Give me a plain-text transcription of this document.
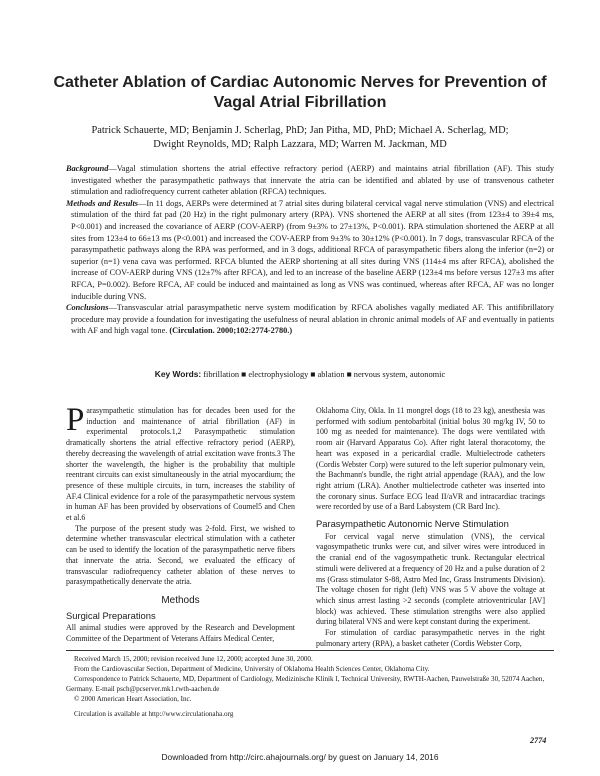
Catheter Ablation of Cardiac Autonomic Nerves for Prevention of Vagal Atrial Fibrillation
Patrick Schauerte, MD; Benjamin J. Scherlag, PhD; Jan Pitha, MD, PhD; Michael A. Scherlag, MD;
Dwight Reynolds, MD; Ralph Lazzara, MD; Warren M. Jackman, MD

Background—Vagal stimulation shortens the atrial effective refractory period (AERP) and maintains atrial fibrillation (AF). This study investigated whether the parasympathetic pathways that innervate the atria can be identified and ablated by use of transvenous catheter stimulation and radiofrequency current catheter ablation (RFCA) techniques.

Methods and Results—In 11 dogs, AERPs were determined at 7 atrial sites during bilateral cervical vagal nerve stimulation (VNS) and electrical stimulation of the third fat pad (20 Hz) in the right pulmonary artery (RPA). VNS shortened the AERP at all sites (from 123±4 to 39±4 ms, P<0.001) and increased the covariance of AERP (COV-AERP) (from 9±3% to 27±13%, P<0.001). RPA stimulation shortened the AERP at all sites from 123±4 to 66±13 ms (P<0.001) and increased the COV-AERP from 9±3% to 30±12% (P<0.001). In 7 dogs, transvascular RFCA of the parasympathetic pathways along the RPA was performed, and in 3 dogs, additional RFCA of parasympathetic fibers along the inferior (n=2) or superior (n=1) vena cava was performed. RFCA blunted the AERP shortening at all sites during VNS (114±4 ms after RFCA), abolished the increase of COV-AERP during VNS (12±7% after RFCA), and led to an increase of the baseline AERP (123±4 ms before versus 127±3 ms after RFCA, P=0.002). Before RFCA, AF could be induced and maintained as long as VNS was continued, whereas after RFCA, AF was no longer inducible during VNS.

Conclusions—Transvascular atrial parasympathetic nerve system modification by RFCA abolishes vagally mediated AF. This antifibrillatory procedure may provide a foundation for investigating the usefulness of neural ablation in chronic animal models of AF and eventually in patients with AF and high vagal tone. (Circulation. 2000;102:2774-2780.)

Key Words: fibrillation ■ electrophysiology ■ ablation ■ nervous system, autonomic

Parasympathetic stimulation has for decades been used for the induction and maintenance of atrial fibrillation (AF) in experimental protocols.1,2 Parasympathetic stimulation dramatically shortens the atrial effective refractory period (AERP), thereby decreasing the wavelength of atrial excitation wave fronts.3 The shorter the wavelength, the higher is the probability that multiple reentrant circuits can exist simultaneously in the atrial myocardium; the presence of these multiple circuits, in turn, increases the stability of AF.4 Clinical evidence for a role of the parasympathetic nervous system in human AF has been provided by observations of Coumel5 and Chen et al.6

The purpose of the present study was 2-fold. First, we wished to determine whether transvascular electrical stimulation with a catheter can be used to identify the location of the parasympathetic nerve fibers that innervate the atria. Second, we evaluated the efficacy of transvascular radiofrequency catheter ablation of these nerves to parasympathetically denervate the atria.

Methods
Surgical Preparations

All animal studies were approved by the Research and Development Committee of the Department of Veterans Affairs Medical Center,

Oklahoma City, Okla. In 11 mongrel dogs (18 to 23 kg), anesthesia was performed with sodium pentobarbital (initial bolus 30 mg/kg IV, 50 to 100 mg as needed for maintenance). The dogs were ventilated with room air (Harvard Apparatus Co). After right lateral thoracotomy, the heart was exposed in a pericardial cradle. Multielectrode catheters (Cordis Webster Corp) were sutured to the left superior pulmonary vein, the Bachmann's bundle, the right atrial appendage (RAA), and the low right atrium (LRA). Another multielectrode catheter was inserted into the coronary sinus. Surface ECG lead II/aVR and intracardiac tracings were recorded by use of a Bard Labsystem (CR Bard Inc).

Parasympathetic Autonomic Nerve Stimulation

For cervical vagal nerve stimulation (VNS), the cervical vagosympathetic trunks were cut, and silver wires were introduced in the cranial end of the vagosympathetic trunk. Rectangular electrical stimuli were delivered at a frequency of 20 Hz and a pulse duration of 2 ms (Grass stimulator S-88, Astro Med Inc, Grass Instruments Division). The voltage chosen for right (left) VNS was 5 V above the voltage at which sinus arrest lasting >2 seconds (complete atrioventricular [AV] block) was achieved. These stimulation strengths were also applied during bilateral VNS and were kept constant during the experiment.

For stimulation of cardiac parasympathetic nerves in the right pulmonary artery (RPA), a basket catheter (Cordis Webster Corp,

Received March 15, 2000; revision received June 12, 2000; accepted June 30, 2000.

From the Cardiovascular Section, Department of Medicine, University of Oklahoma Health Sciences Center, Oklahoma City.

Correspondence to Patrick Schauerte, MD, Department of Cardiology, Medizinische Klinik I, Technical University, RWTH-Aachen, Pauwelstraße 30, 52074 Aachen, Germany. E-mail psch@pcserver.mk1.rwth-aachen.de

© 2000 American Heart Association, Inc.

Circulation is available at http://www.circulationaha.org

2774
Downloaded from http://circ.ahajournals.org/ by guest on January 14, 2016
